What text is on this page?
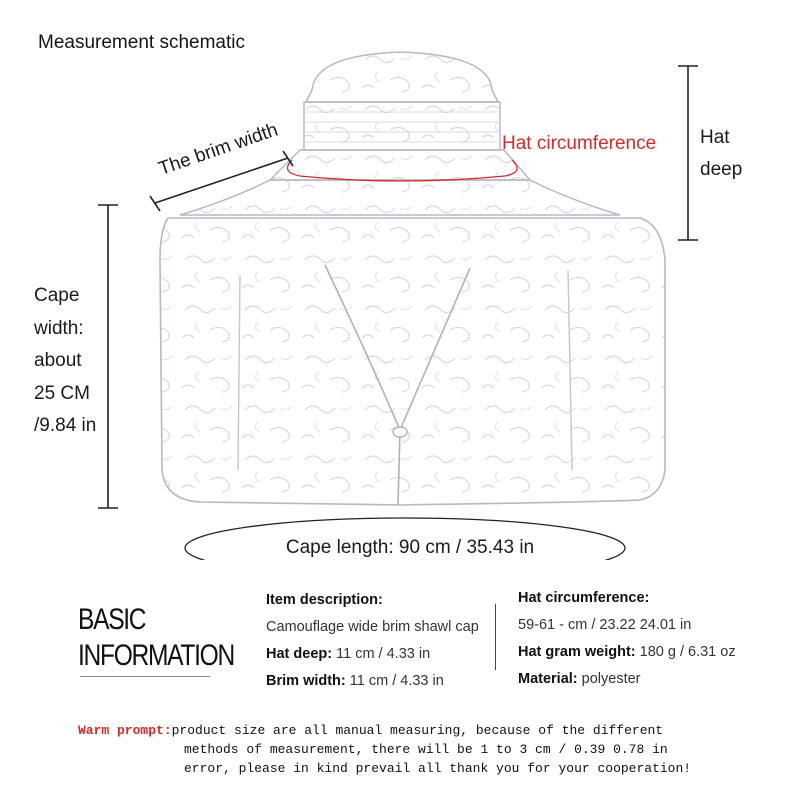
Measurement schematic
The brim width	Hat circumference Hat
deep
Cape
width:
about
25 CM
/9.84 in
Cape length: 90 cm / 35.43 in
BASIC
INFORMATION
Item description:
Camouflage wide brim shawl cap
Hat deep: 11 cm / 4.33 in
Brim width: 11 cm / 4.33 in
Hat circumference:
59-61 - cm / 23.22 24.01 in
Hat gram weight: 180 g / 6.31 oz
Material: polyester
Warm prompt:product size are all manual measuring, because of the different
methods of measurement, there will be 1 to 3 cm / 0.39 0.78 in
error, please in kind prevail all thank you for your cooperation!
